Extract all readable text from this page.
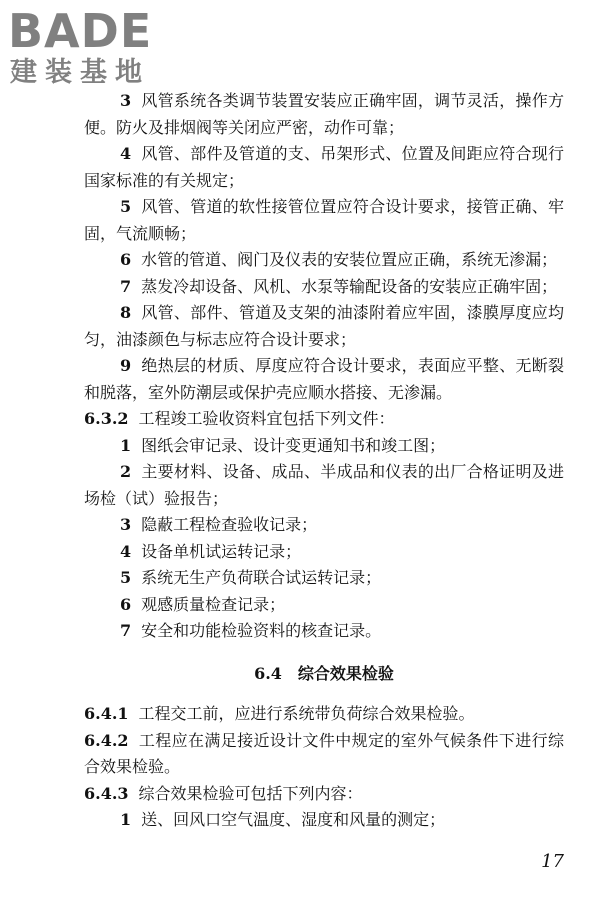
BADE
建装基地

3 风管系统各类调节装置安装应正确牢固，调节灵活，操作方便。防火及排烟阀等关闭应严密，动作可靠；

4 风管、部件及管道的支、吊架形式、位置及间距应符合现行国家标准的有关规定；

5 风管、管道的软性接管位置应符合设计要求，接管正确、牢固，气流顺畅；

6 水管的管道、阀门及仪表的安装位置应正确，系统无渗漏；

7 蒸发冷却设备、风机、水泵等输配设备的安装应正确牢固；

8 风管、部件、管道及支架的油漆附着应牢固，漆膜厚度应均匀，油漆颜色与标志应符合设计要求；

9 绝热层的材质、厚度应符合设计要求，表面应平整、无断裂和脱落，室外防潮层或保护壳应顺水搭接、无渗漏。

6.3.2 工程竣工验收资料宜包括下列文件：

1 图纸会审记录、设计变更通知书和竣工图；

2 主要材料、设备、成品、半成品和仪表的出厂合格证明及进场检（试）验报告；

3 隐蔽工程检查验收记录；

4 设备单机试运转记录；

5 系统无生产负荷联合试运转记录；

6 观感质量检查记录；

7 安全和功能检验资料的核查记录。

6.4 综合效果检验

6.4.1 工程交工前，应进行系统带负荷综合效果检验。

6.4.2 工程应在满足接近设计文件中规定的室外气候条件下进行综合效果检验。

6.4.3 综合效果检验可包括下列内容：

1 送、回风口空气温度、湿度和风量的测定；

17
